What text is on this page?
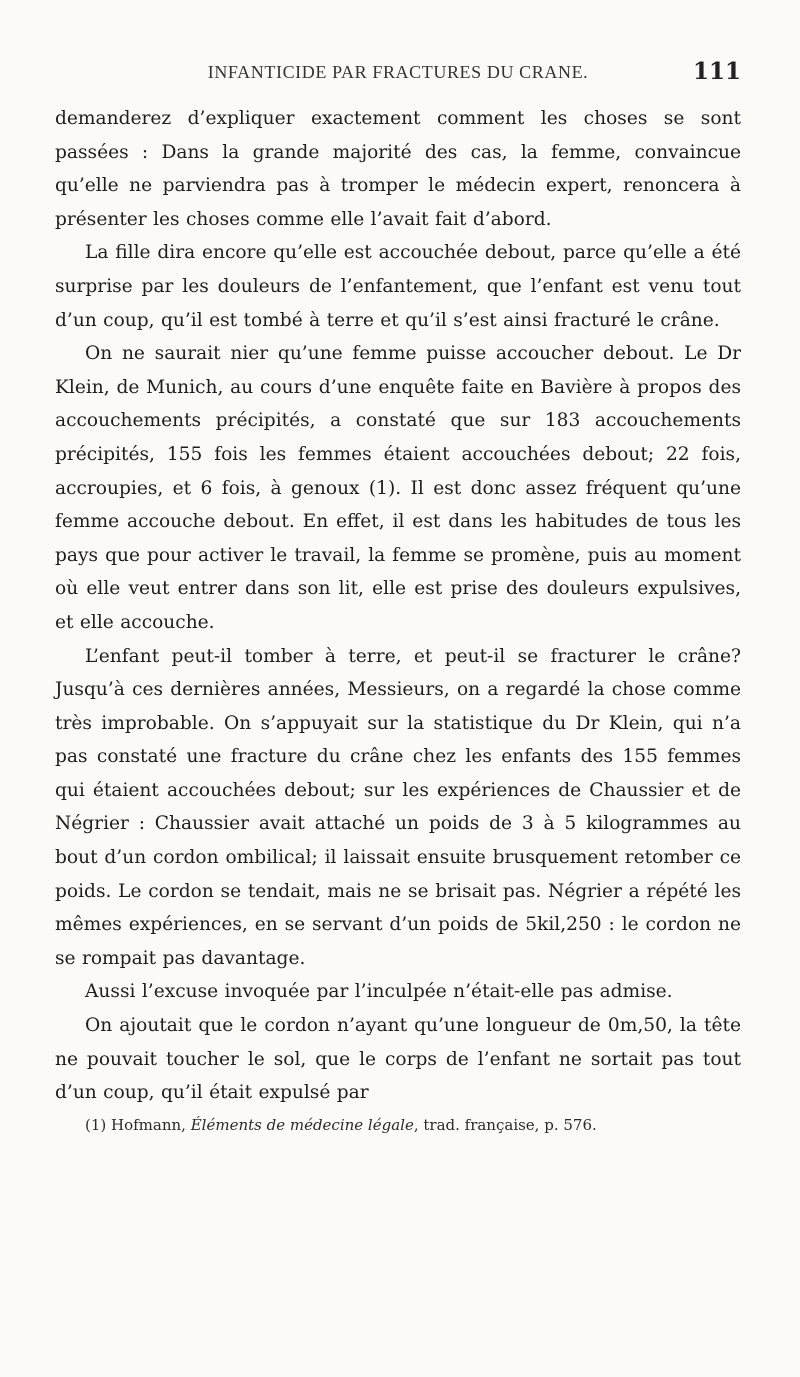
INFANTICIDE PAR FRACTURES DU CRANE.	111

demanderez d’expliquer exactement comment les choses se sont passées : Dans la grande majorité des cas, la femme, convaincue qu’elle ne parviendra pas à tromper le médecin expert, renoncera à présenter les choses comme elle l’avait fait d’abord.

La fille dira encore qu’elle est accouchée debout, parce qu’elle a été surprise par les douleurs de l’enfantement, que l’enfant est venu tout d’un coup, qu’il est tombé à terre et qu’il s’est ainsi fracturé le crâne.

On ne saurait nier qu’une femme puisse accoucher debout. Le Dr Klein, de Munich, au cours d’une enquête faite en Bavière à propos des accouchements précipités, a constaté que sur 183 accouchements précipités, 155 fois les femmes étaient accouchées debout; 22 fois, accroupies, et 6 fois, à genoux (1). Il est donc assez fréquent qu’une femme accouche debout. En effet, il est dans les habitudes de tous les pays que pour activer le travail, la femme se promène, puis au moment où elle veut entrer dans son lit, elle est prise des douleurs expulsives, et elle accouche.

L’enfant peut-il tomber à terre, et peut-il se fracturer le crâne? Jusqu’à ces dernières années, Messieurs, on a regardé la chose comme très improbable. On s’appuyait sur la statistique du Dr Klein, qui n’a pas constaté une fracture du crâne chez les enfants des 155 femmes qui étaient accouchées debout; sur les expériences de Chaussier et de Négrier : Chaussier avait attaché un poids de 3 à 5 kilogrammes au bout d’un cordon ombilical; il laissait ensuite brusquement retomber ce poids. Le cordon se tendait, mais ne se brisait pas. Négrier a répété les mêmes expériences, en se servant d’un poids de 5kil,250 : le cordon ne se rompait pas davantage.

Aussi l’excuse invoquée par l’inculpée n’était-elle pas admise.

On ajoutait que le cordon n’ayant qu’une longueur de 0m,50, la tête ne pouvait toucher le sol, que le corps de l’enfant ne sortait pas tout d’un coup, qu’il était expulsé par

(1) Hofmann, Éléments de médecine légale, trad. française, p. 576.
